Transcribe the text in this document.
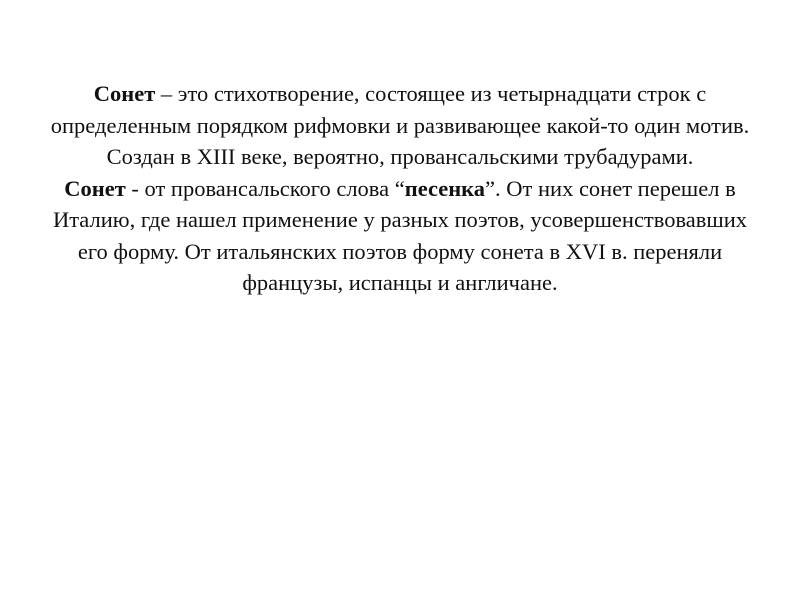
Сонет – это стихотворение, состоящее из четырнадцати строк с определенным порядком рифмовки и развивающее какой-то один мотив.

Создан в XIII веке, вероятно, провансальскими трубадурами.
Сонет - от провансальского слова “песенка”. От них сонет перешел в Италию, где нашел применение у разных поэтов, усовершенствовавших его форму. От итальянских поэтов форму сонета в XVI в. переняли французы, испанцы и англичане.
